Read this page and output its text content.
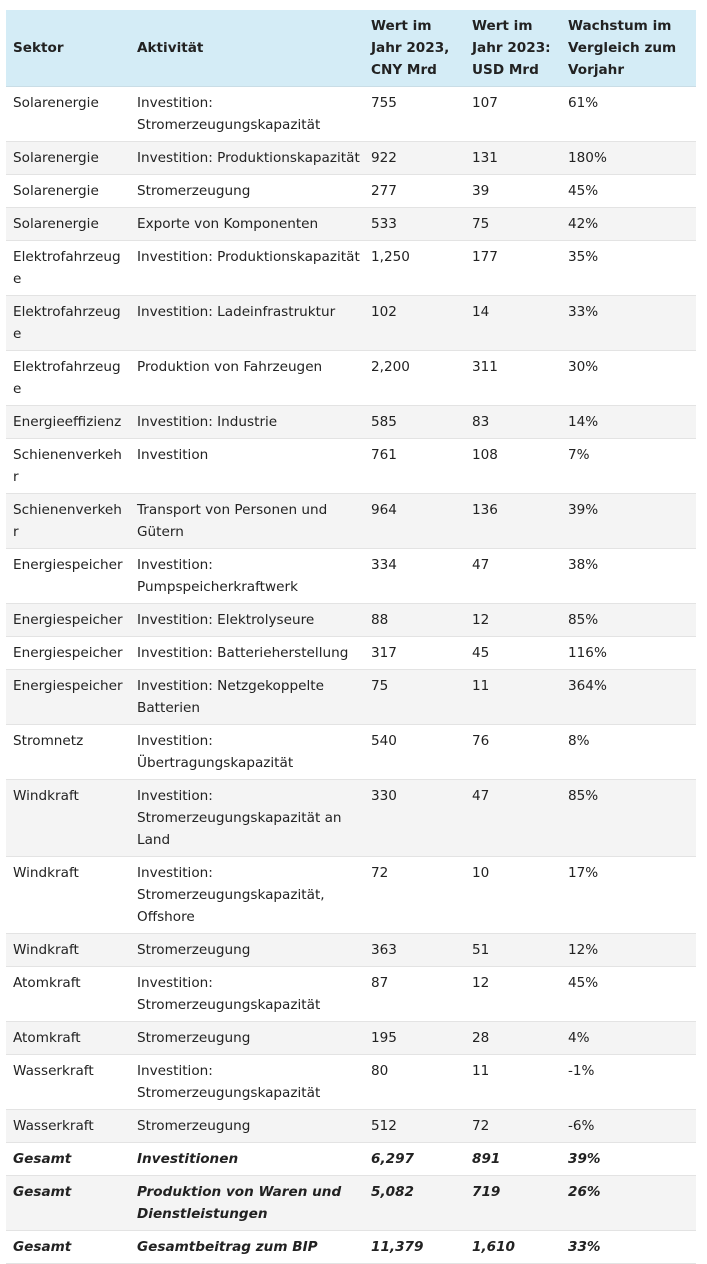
Sektor	Aktivität	Wert im Jahr 2023, CNY Mrd	Wert im Jahr 2023: USD Mrd	Wachstum im Vergleich zum Vorjahr
Solarenergie	Investition: Stromerzeugungskapazität	755	107	61%
Solarenergie	Investition: Produktionskapazität	922	131	180%
Solarenergie	Stromerzeugung	277	39	45%
Solarenergie	Exporte von Komponenten	533	75	42%
Elektrofahrzeuge	Investition: Produktionskapazität	1,250	177	35%
Elektrofahrzeuge	Investition: Ladeinfrastruktur	102	14	33%
Elektrofahrzeuge	Produktion von Fahrzeugen	2,200	311	30%
Energieeffizienz	Investition: Industrie	585	83	14%
Schienenverkehr	Investition	761	108	7%
Schienenverkehr	Transport von Personen und Gütern	964	136	39%
Energiespeicher	Investition: Pumpspeicherkraftwerk	334	47	38%
Energiespeicher	Investition: Elektrolyseure	88	12	85%
Energiespeicher	Investition: Batterieherstellung	317	45	116%
Energiespeicher	Investition: Netzgekoppelte Batterien	75	11	364%
Stromnetz	Investition: Übertragungskapazität	540	76	8%
Windkraft	Investition: Stromerzeugungskapazität an Land	330	47	85%
Windkraft	Investition: Stromerzeugungskapazität, Offshore	72	10	17%
Windkraft	Stromerzeugung	363	51	12%
Atomkraft	Investition: Stromerzeugungskapazität	87	12	45%
Atomkraft	Stromerzeugung	195	28	4%
Wasserkraft	Investition: Stromerzeugungskapazität	80	11	-1%
Wasserkraft	Stromerzeugung	512	72	-6%
Gesamt	Investitionen	6,297	891	39%
Gesamt	Produktion von Waren und Dienstleistungen	5,082	719	26%
Gesamt	Gesamtbeitrag zum BIP	11,379	1,610	33%
